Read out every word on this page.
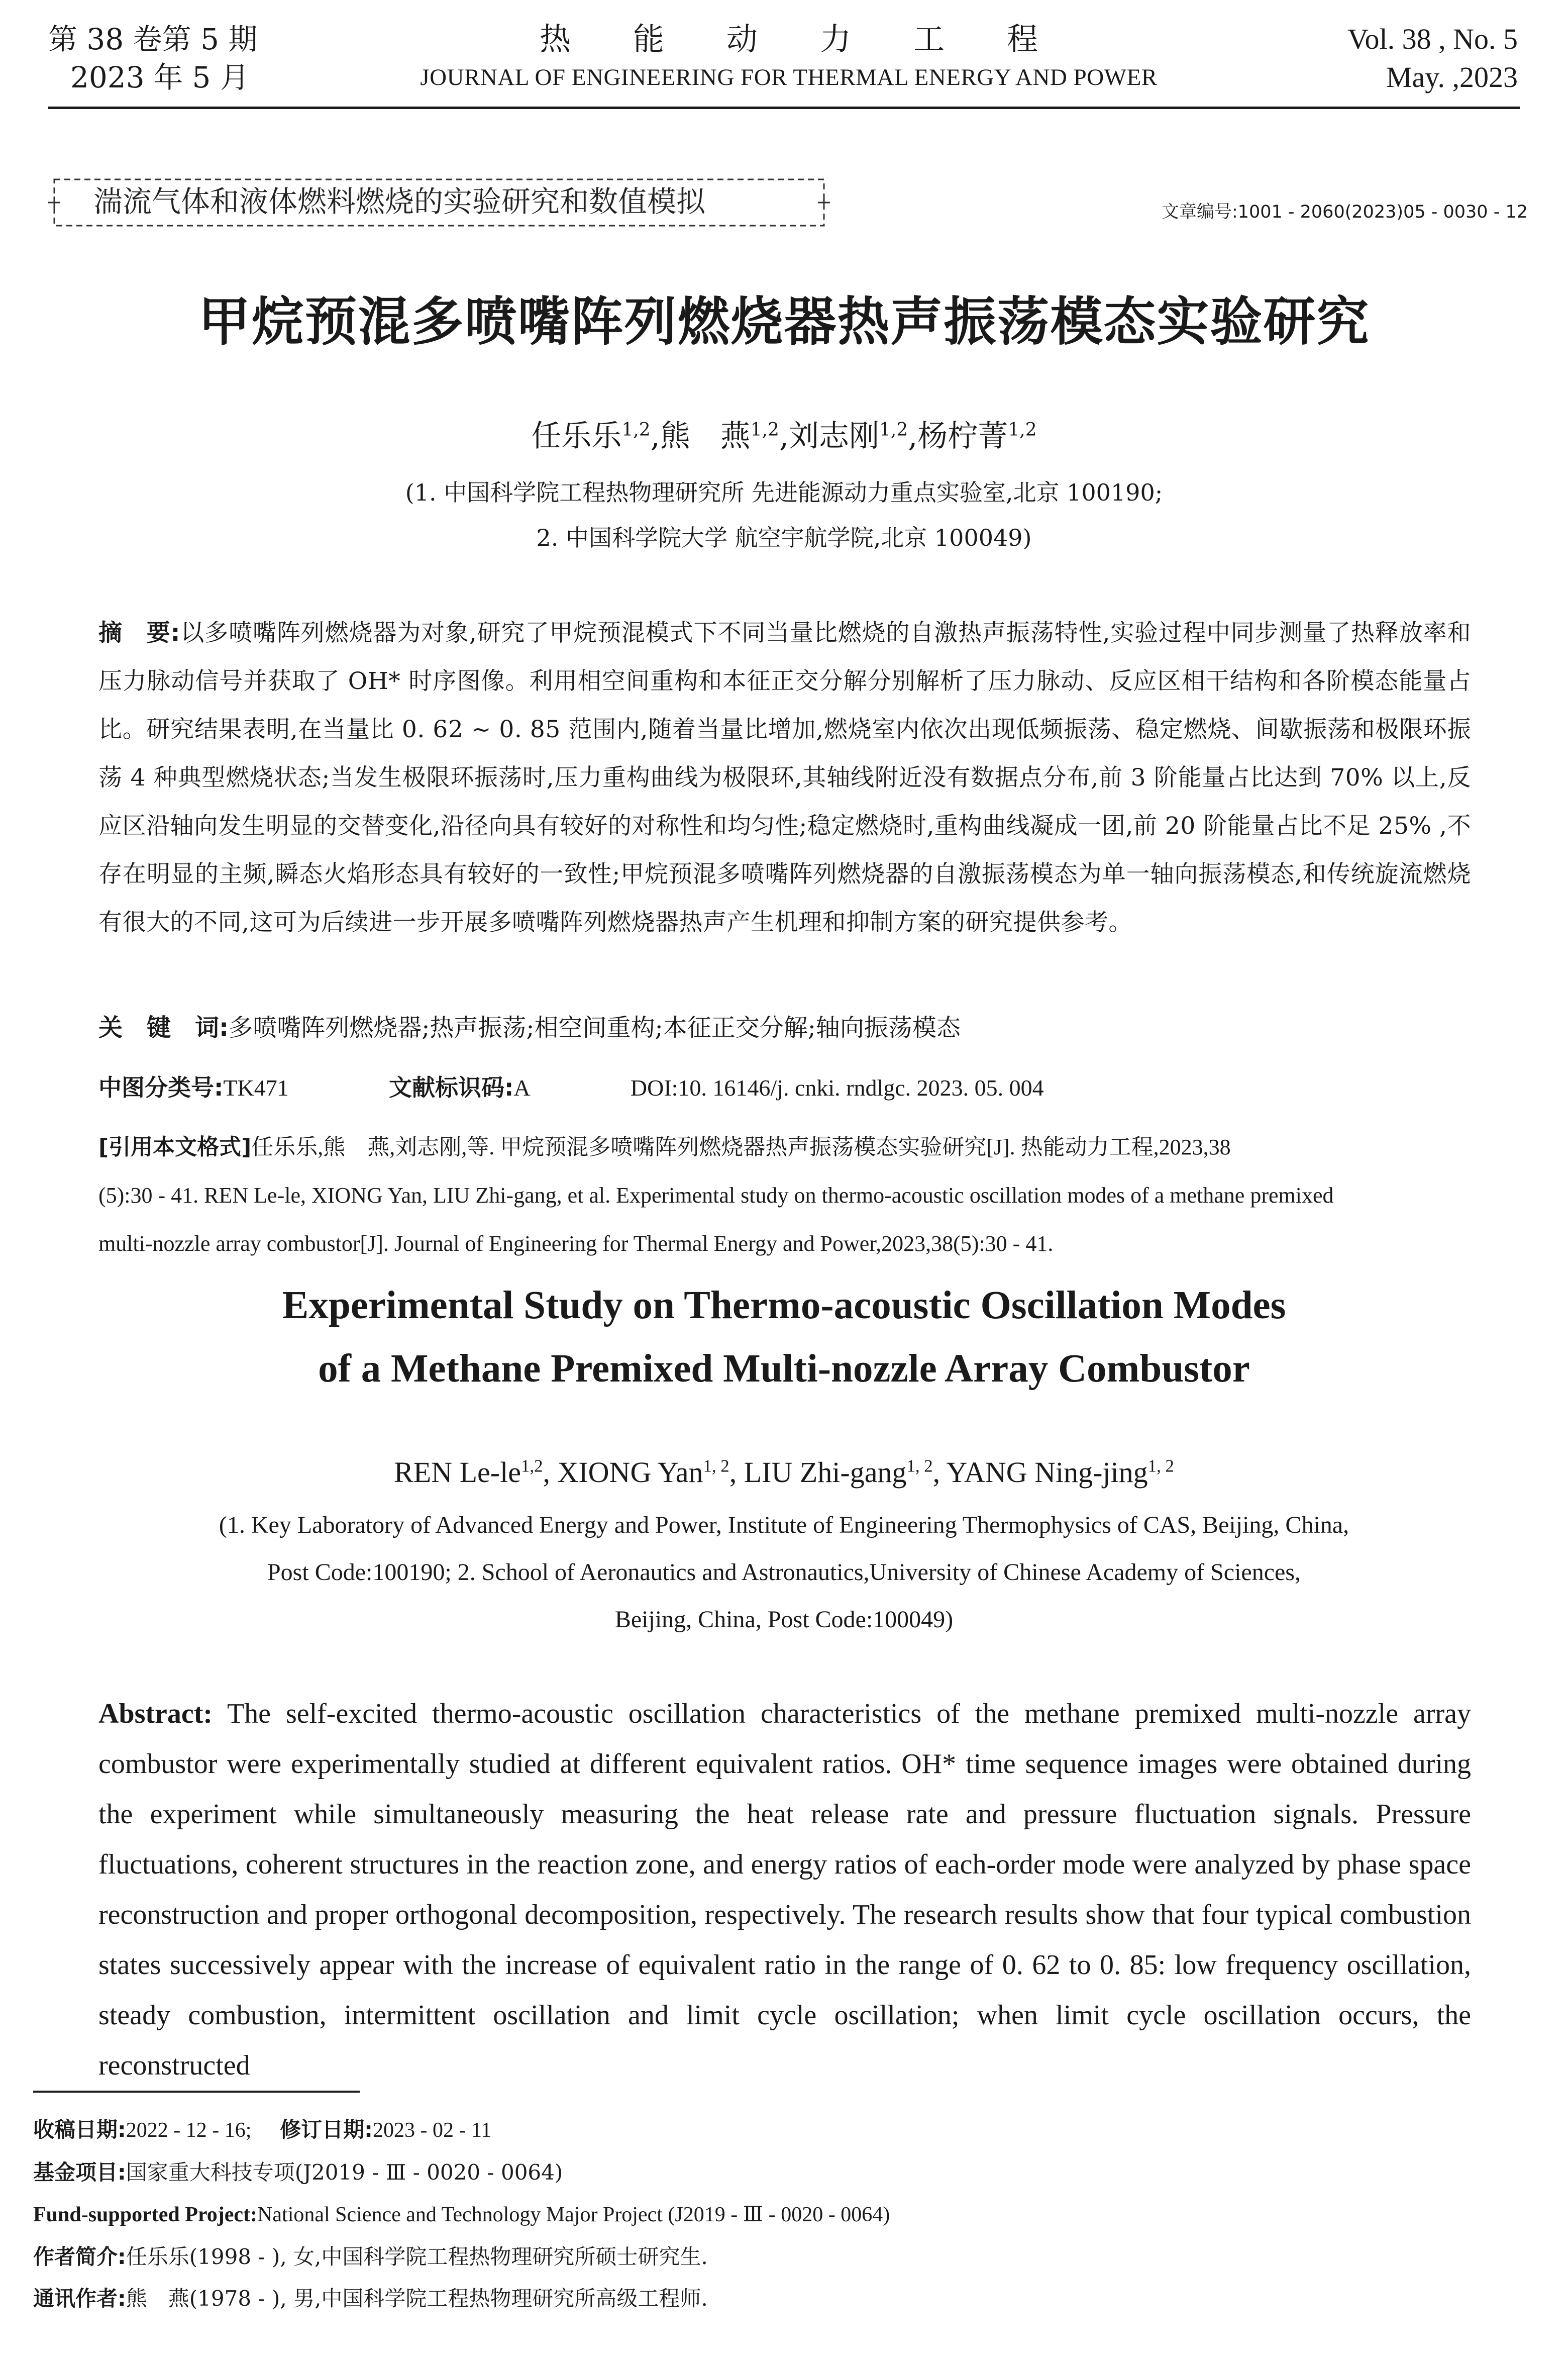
第 38 卷第 5 期
2023 年 5 月
热　　能　　动　　力　　工　　程
JOURNAL OF ENGINEERING FOR THERMAL ENERGY AND POWER
Vol. 38 , No. 5
May. ,2023
湍流气体和液体燃料燃烧的实验研究和数值模拟	文章编号:1001 - 2060(2023)05 - 0030 - 12
甲烷预混多喷嘴阵列燃烧器热声振荡模态实验研究
任乐乐$^{1,2}$,熊　燕$^{1,2}$,刘志刚$^{1,2}$,杨柠菁$^{1,2}$
(1. 中国科学院工程热物理研究所 先进能源动力重点实验室,北京 100190;
2. 中国科学院大学 航空宇航学院,北京 100049)
摘　要:以多喷嘴阵列燃烧器为对象,研究了甲烷预混模式下不同当量比燃烧的自激热声振荡特性,实验过程中同步测量了热释放率和压力脉动信号并获取了 OH* 时序图像。利用相空间重构和本征正交分解分别解析了压力脉动、反应区相干结构和各阶模态能量占比。研究结果表明,在当量比 0. 62 ~ 0. 85 范围内,随着当量比增加,燃烧室内依次出现低频振荡、稳定燃烧、间歇振荡和极限环振荡 4 种典型燃烧状态;当发生极限环振荡时,压力重构曲线为极限环,其轴线附近没有数据点分布,前 3 阶能量占比达到 70% 以上,反应区沿轴向发生明显的交替变化,沿径向具有较好的对称性和均匀性;稳定燃烧时,重构曲线凝成一团,前 20 阶能量占比不足 25% ,不存在明显的主频,瞬态火焰形态具有较好的一致性;甲烷预混多喷嘴阵列燃烧器的自激振荡模态为单一轴向振荡模态,和传统旋流燃烧有很大的不同,这可为后续进一步开展多喷嘴阵列燃烧器热声产生机理和抑制方案的研究提供参考。
关　键　词:多喷嘴阵列燃烧器;热声振荡;相空间重构;本征正交分解;轴向振荡模态
中图分类号:TK471	文献标识码:A	DOI:10. 16146/j. cnki. rndlgc. 2023. 05. 004
[引用本文格式]任乐乐,熊　燕,刘志刚,等. 甲烷预混多喷嘴阵列燃烧器热声振荡模态实验研究[J]. 热能动力工程,2023,38
(5):30 - 41. REN Le-le, XIONG Yan, LIU Zhi-gang, et al. Experimental study on thermo-acoustic oscillation modes of a methane premixed
multi-nozzle array combustor[J]. Journal of Engineering for Thermal Energy and Power,2023,38(5):30 - 41.
Experimental Study on Thermo-acoustic Oscillation Modes
of a Methane Premixed Multi-nozzle Array Combustor
REN Le-le$^{1,2}$, XIONG Yan$^{1, 2}$, LIU Zhi-gang$^{1, 2}$, YANG Ning-jing$^{1, 2}$
(1. Key Laboratory of Advanced Energy and Power, Institute of Engineering Thermophysics of CAS, Beijing, China,
Post Code:100190; 2. School of Aeronautics and Astronautics,University of Chinese Academy of Sciences,
Beijing, China, Post Code:100049)
Abstract: The self-excited thermo-acoustic oscillation characteristics of the methane premixed multi-nozzle array combustor were experimentally studied at different equivalent ratios. OH* time sequence images were obtained during the experiment while simultaneously measuring the heat release rate and pressure fluctuation signals. Pressure fluctuations, coherent structures in the reaction zone, and energy ratios of each-order mode were analyzed by phase space reconstruction and proper orthogonal decomposition, respectively. The research results show that four typical combustion states successively appear with the increase of equivalent ratio in the range of 0. 62 to 0. 85: low frequency oscillation, steady combustion, intermittent oscillation and limit cycle oscillation; when limit cycle oscillation occurs, the reconstructed
收稿日期:2022 - 12 - 16; 修订日期:2023 - 02 - 11
基金项目:国家重大科技专项(J2019 - Ⅲ - 0020 - 0064)
Fund-supported Project:National Science and Technology Major Project (J2019 - Ⅲ - 0020 - 0064)
作者简介:任乐乐(1998 - ), 女,中国科学院工程热物理研究所硕士研究生.
通讯作者:熊　燕(1978 - ), 男,中国科学院工程热物理研究所高级工程师.
